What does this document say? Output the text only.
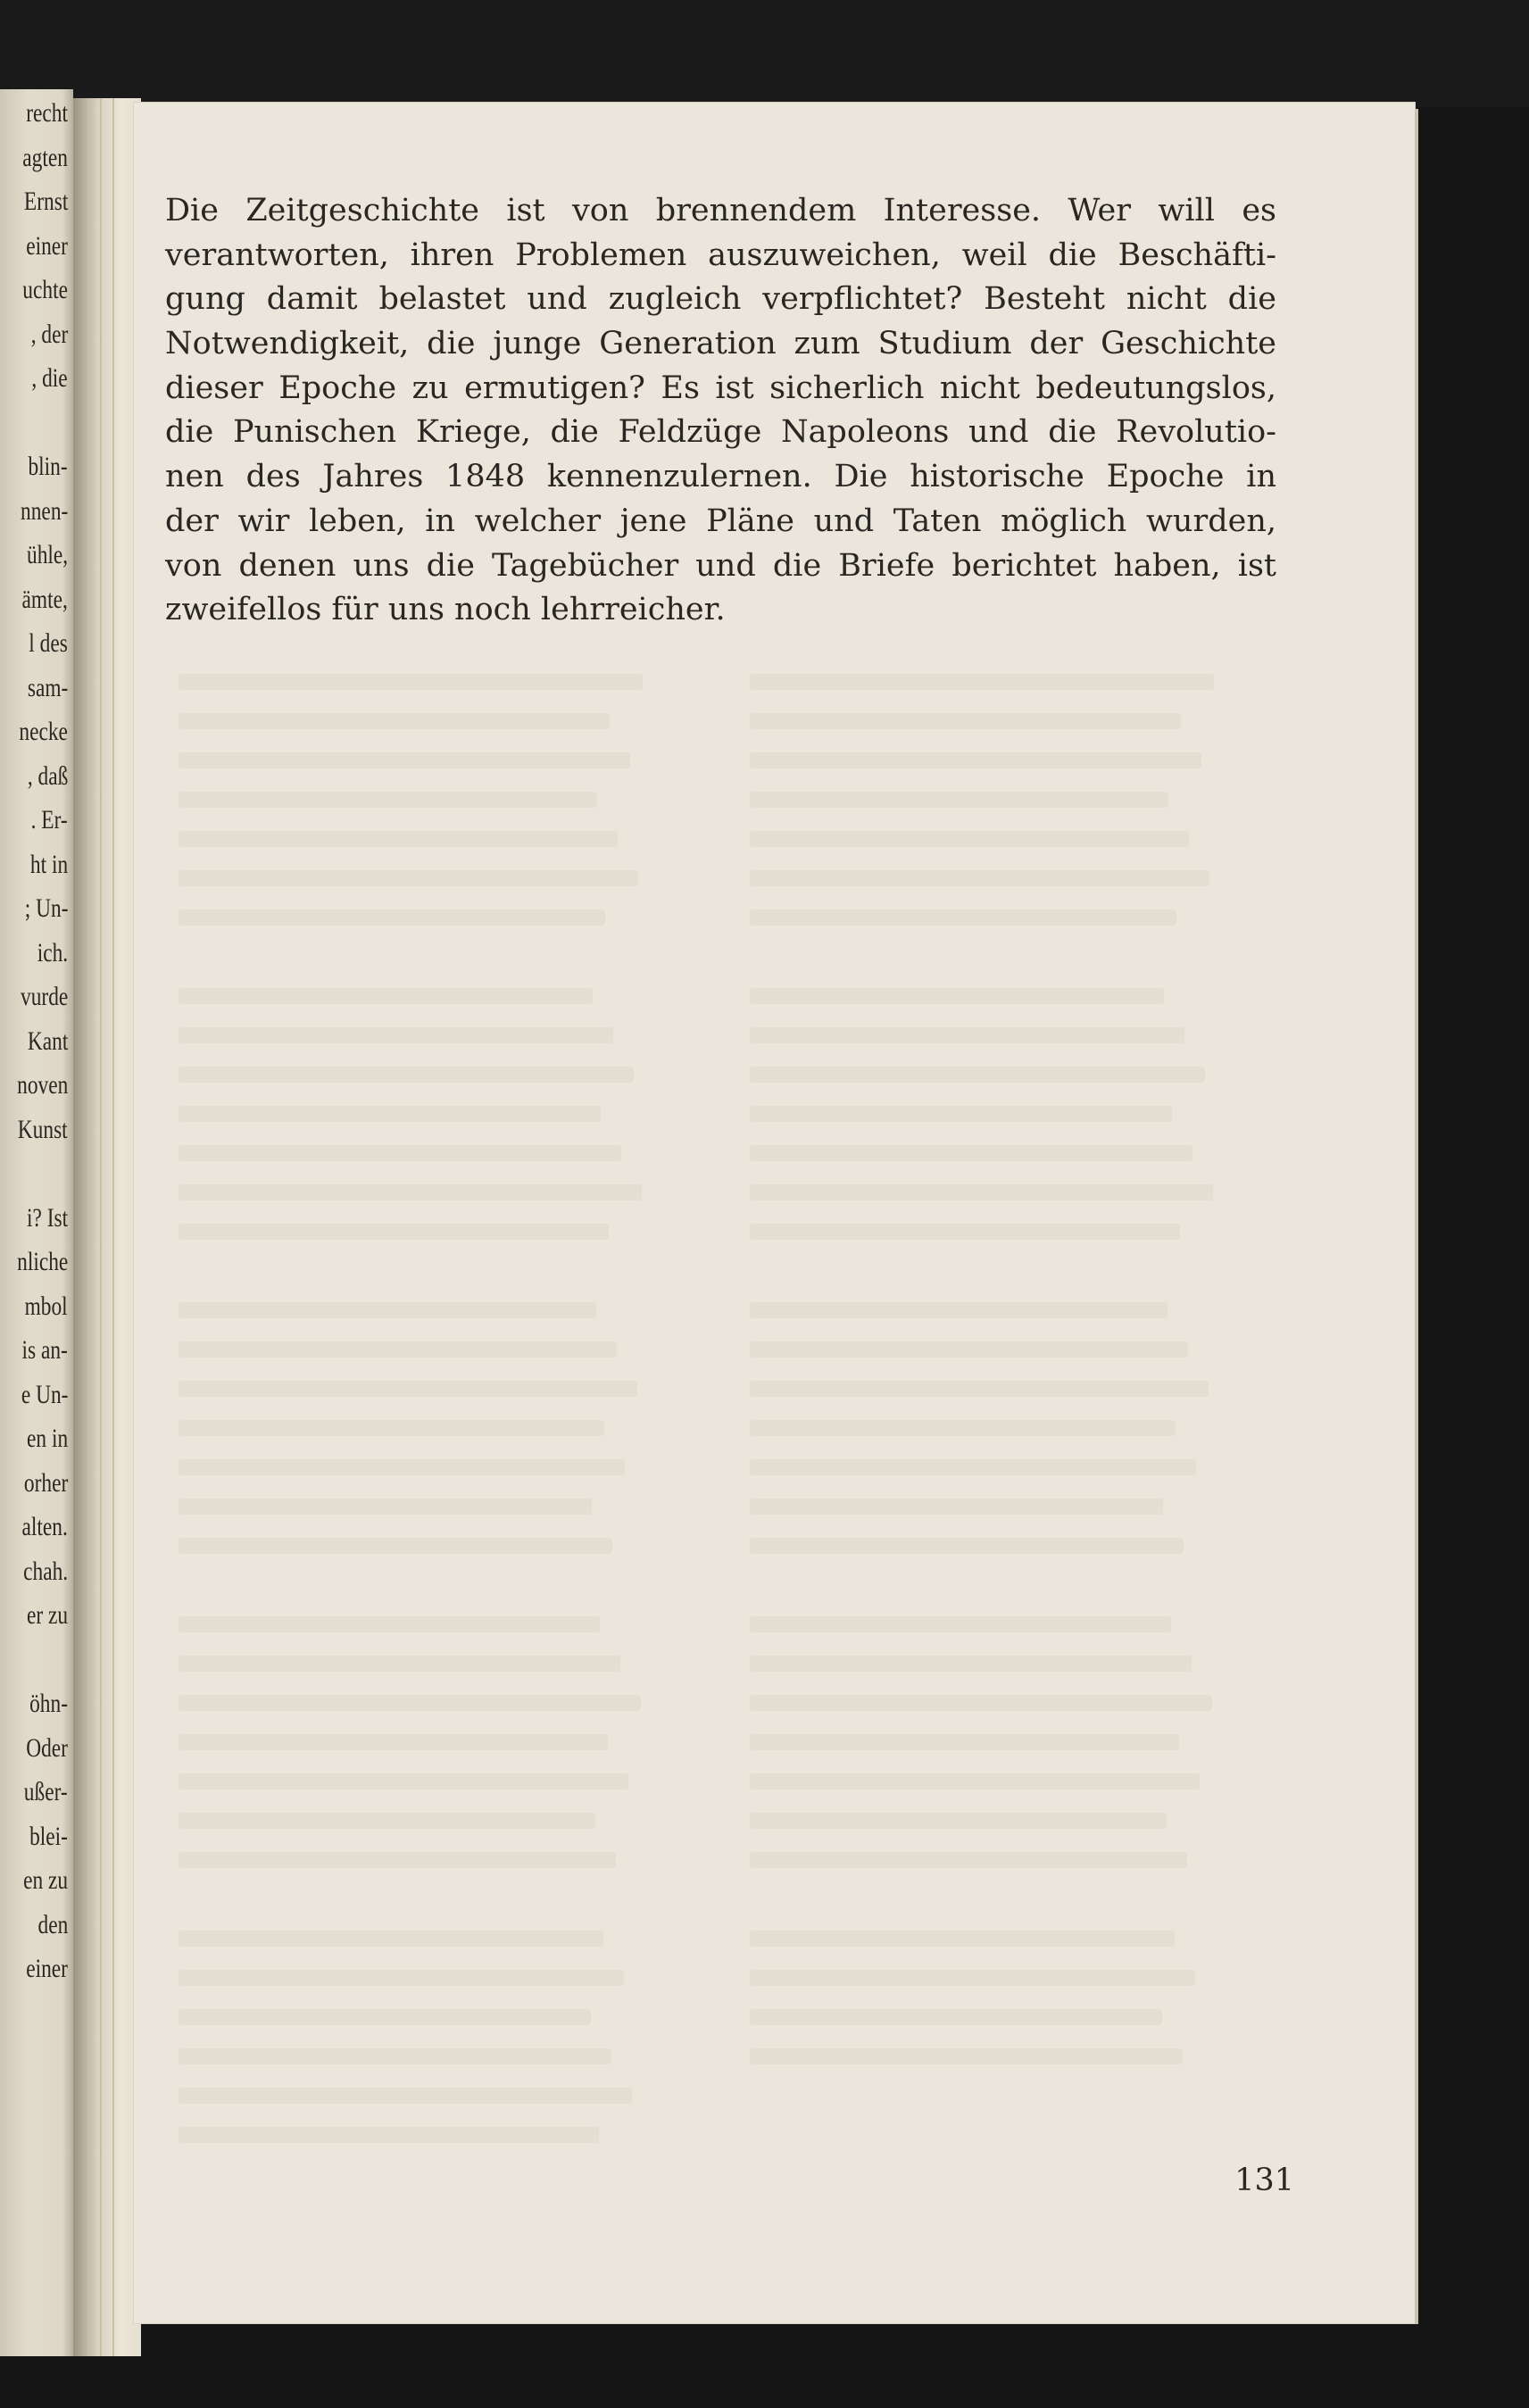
recht
agten
Ernst
einer
uchte
, der
, die
blin-
nnen-
ühle,
ämte,
l des
sam-
necke
, daß
. Er-
ht in
; Un-
ich.
vurde
Kant
noven
Kunst
i? Ist
nliche
mbol
is an-
e Un-
en in
orher
alten.
chah.
er zu
öhn-
Oder
ußer-
blei-
en zu
den
einer
Die Zeitgeschichte ist von brennendem Interesse. Wer will es
verantworten, ihren Problemen auszuweichen, weil die Beschäfti-
gung damit belastet und zugleich verpflichtet? Besteht nicht die
Notwendigkeit, die junge Generation zum Studium der Geschichte
dieser Epoche zu ermutigen? Es ist sicherlich nicht bedeutungslos,
die Punischen Kriege, die Feldzüge Napoleons und die Revolutio-
nen des Jahres 1848 kennenzulernen. Die historische Epoche in
der wir leben, in welcher jene Pläne und Taten möglich wurden,
von denen uns die Tagebücher und die Briefe berichtet haben, ist
zweifellos für uns noch lehrreicher.
131
